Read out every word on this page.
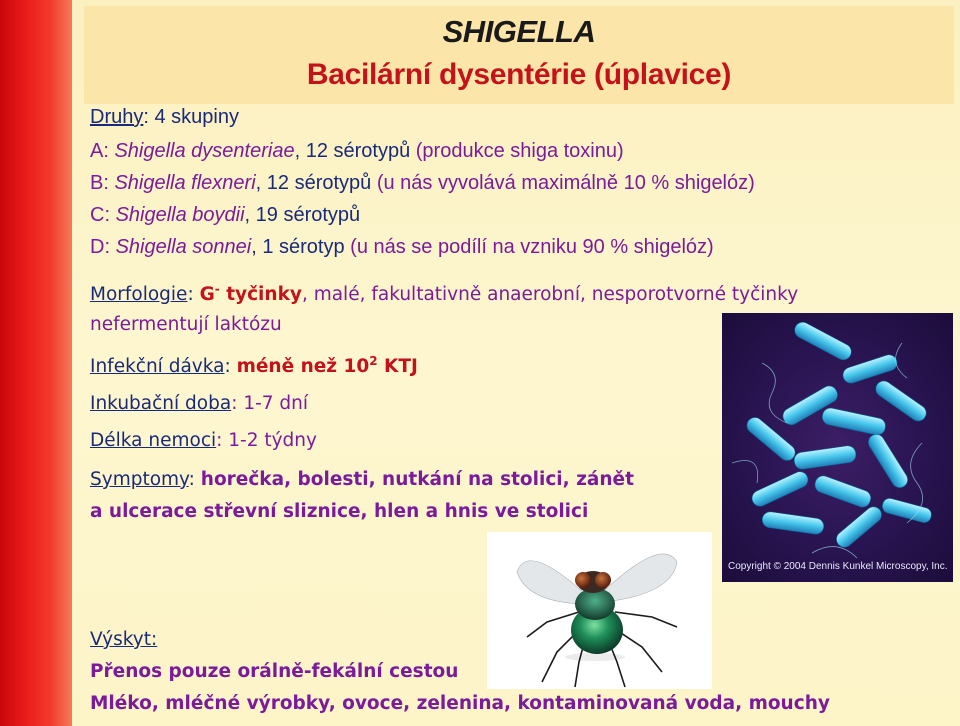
SHIGELLA
Bacilární dysentérie (úplavice)
Druhy: 4 skupiny
A: Shigella dysenteriae, 12 sérotypů (produkce shiga toxinu)
B: Shigella flexneri, 12 sérotypů (u nás vyvolává maximálně 10 % shigelóz)
C: Shigella boydii, 19 sérotypů
D: Shigella sonnei, 1 sérotyp (u nás se podílí na vzniku 90 % shigelóz)
Morfologie: G- tyčinky, malé, fakultativně anaerobní, nesporotvorné tyčinky
nefermentují laktózu
Infekční dávka: méně než $10^2$ KTJ
Inkubační doba: 1-7 dní
Délka nemoci: 1-2 týdny
Symptomy: horečka, bolesti, nutkání na stolici, zánět
a ulcerace střevní sliznice, hlen a hnis ve stolici
Výskyt:
Přenos pouze orálně-fekální cestou
Mléko, mléčné výrobky, ovoce, zelenina, kontaminovaná voda, mouchy
Copyright © 2004 Dennis Kunkel Microscopy, Inc.
